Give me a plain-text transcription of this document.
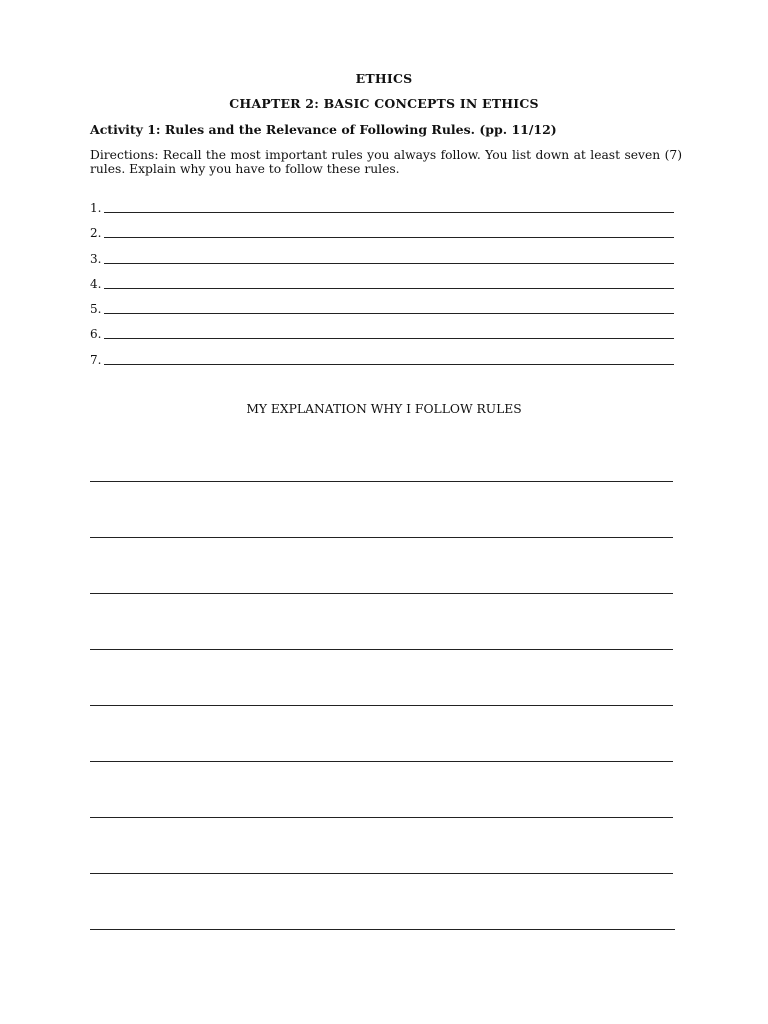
ETHICS
CHAPTER 2: BASIC CONCEPTS IN ETHICS
Activity 1: Rules and the Relevance of Following Rules. (pp. 11/12)
Directions: Recall the most important rules you always follow. You list down at least seven (7) rules. Explain why you have to follow these rules.
1.
2.
3.
4.
5.
6.
7.
MY EXPLANATION WHY I FOLLOW RULES
